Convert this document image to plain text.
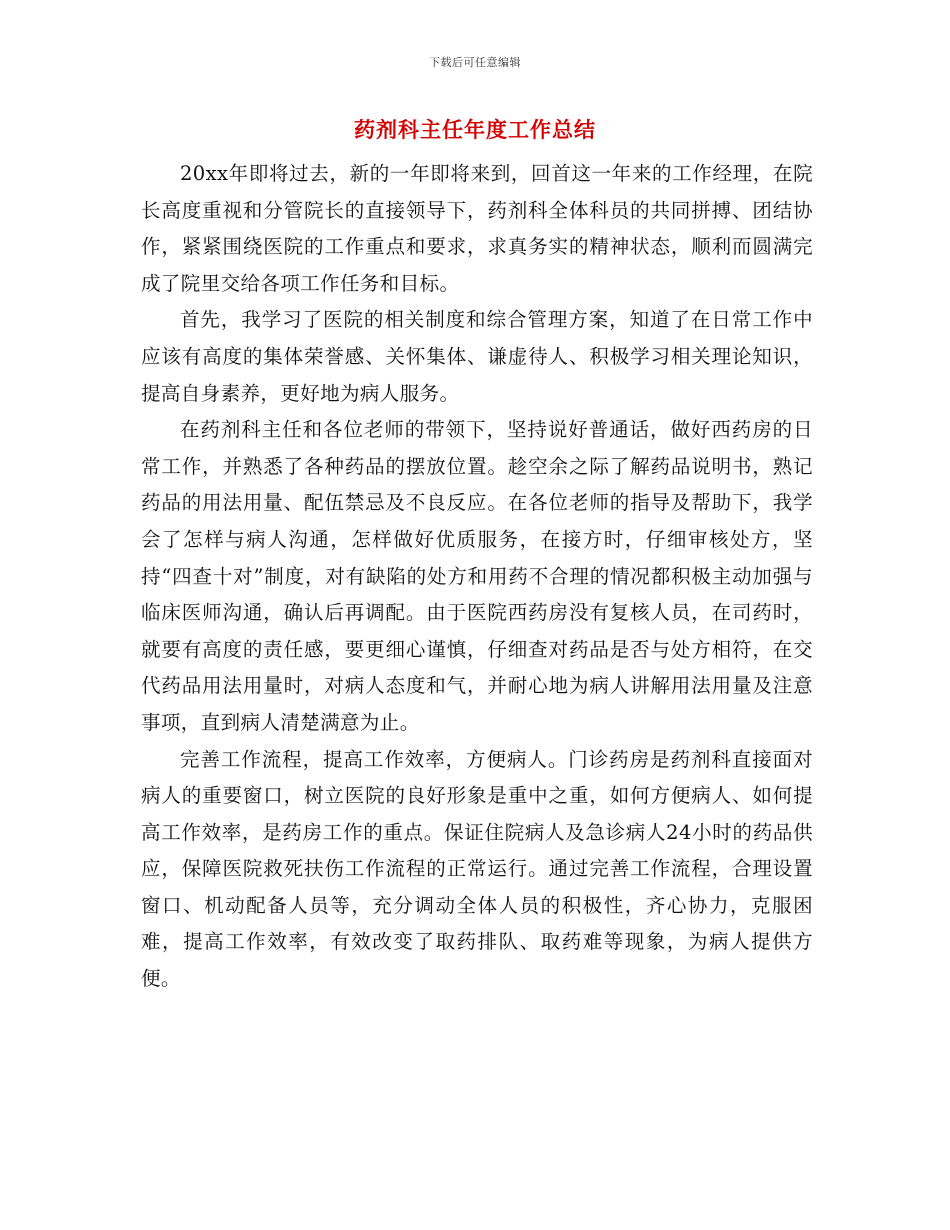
下载后可任意编辑
药剂科主任年度工作总结

20xx年即将过去，新的一年即将来到，回首这一年来的工作经理，在院长高度重视和分管院长的直接领导下，药剂科全体科员的共同拼搏、团结协作，紧紧围绕医院的工作重点和要求，求真务实的精神状态，顺利而圆满完成了院里交给各项工作任务和目标。

首先，我学习了医院的相关制度和综合管理方案，知道了在日常工作中应该有高度的集体荣誉感、关怀集体、谦虚待人、积极学习相关理论知识，提高自身素养，更好地为病人服务。

在药剂科主任和各位老师的带领下，坚持说好普通话，做好西药房的日常工作，并熟悉了各种药品的摆放位置。趁空余之际了解药品说明书，熟记药品的用法用量、配伍禁忌及不良反应。在各位老师的指导及帮助下，我学会了怎样与病人沟通，怎样做好优质服务，在接方时，仔细审核处方，坚持“四查十对”制度，对有缺陷的处方和用药不合理的情况都积极主动加强与临床医师沟通，确认后再调配。由于医院西药房没有复核人员，在司药时，就要有高度的责任感，要更细心谨慎，仔细查对药品是否与处方相符，在交代药品用法用量时，对病人态度和气，并耐心地为病人讲解用法用量及注意事项，直到病人清楚满意为止。

完善工作流程，提高工作效率，方便病人。门诊药房是药剂科直接面对病人的重要窗口，树立医院的良好形象是重中之重，如何方便病人、如何提高工作效率，是药房工作的重点。保证住院病人及急诊病人24小时的药品供应，保障医院救死扶伤工作流程的正常运行。通过完善工作流程，合理设置窗口、机动配备人员等，充分调动全体人员的积极性，齐心协力，克服困难，提高工作效率，有效改变了取药排队、取药难等现象，为病人提供方便。
